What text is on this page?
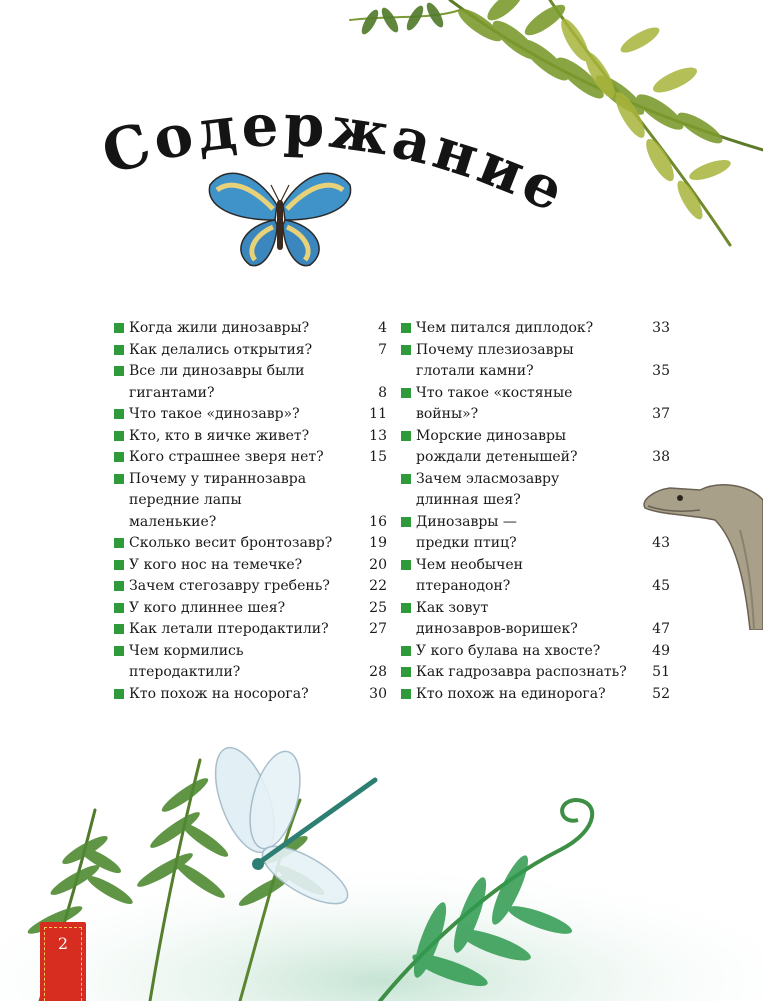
Содержание
Когда жили динозавры?	4
Как делались открытия?	7
Все ли динозавры были
гигантами?	8
Что такое «динозавр»?	11
Кто, кто в яичке живет?	13
Кого страшнее зверя нет?	15
Почему у тираннозавра
передние лапы
маленькие?	16
Сколько весит бронтозавр?	19
У кого нос на темечке?	20
Зачем стегозавру гребень?	22
У кого длиннее шея?	25
Как летали птеродактили?	27
Чем кормились
птеродактили?	28
Кто похож на носорога?	30
Чем питался диплодок?	33
Почему плезиозавры
глотали камни?	35
Что такое «костяные
войны»?	37
Морские динозавры
рождали детенышей?	38
Зачем эласмозавру
длинная шея?
Динозавры —
предки птиц?	43
Чем необычен
птеранодон?	45
Как зовут
динозавров-воришек?	47
У кого булава на хвосте?	49
Как гадрозавра распознать?	51
Кто похож на единорога?	52
2
